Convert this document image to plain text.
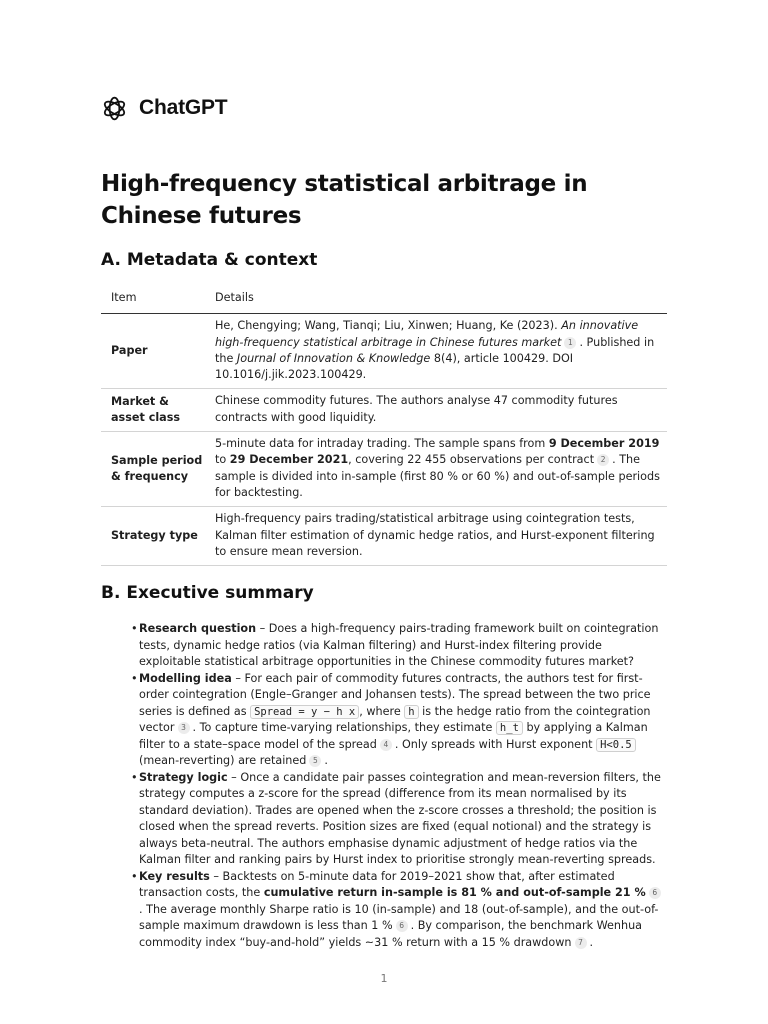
ChatGPT
High-frequency statistical arbitrage in Chinese futures
A. Metadata & context
Item	Details
Paper	He, Chengying; Wang, Tianqi; Liu, Xinwen; Huang, Ke (2023). An innovative high-frequency statistical arbitrage in Chinese futures market 1 . Published in the Journal of Innovation & Knowledge 8(4), article 100429. DOI 10.1016/j.jik.2023.100429.
Market &
asset class	Chinese commodity futures. The authors analyse 47 commodity futures contracts with good liquidity.
Sample period
& frequency	5-minute data for intraday trading. The sample spans from 9 December 2019 to 29 December 2021, covering 22 455 observations per contract 2 . The sample is divided into in-sample (first 80 % or 60 %) and out-of-sample periods for backtesting.
Strategy type	High-frequency pairs trading/statistical arbitrage using cointegration tests, Kalman filter estimation of dynamic hedge ratios, and Hurst-exponent filtering to ensure mean reversion.
B. Executive summary
• Research question – Does a high-frequency pairs-trading framework built on cointegration tests, dynamic hedge ratios (via Kalman filtering) and Hurst-index filtering provide exploitable statistical arbitrage opportunities in the Chinese commodity futures market?
• Modelling idea – For each pair of commodity futures contracts, the authors test for first-order cointegration (Engle–Granger and Johansen tests). The spread between the two price series is defined as Spread = y − h x , where h is the hedge ratio from the cointegration vector 3 . To capture time-varying relationships, they estimate h_t by applying a Kalman filter to a state–space model of the spread 4 . Only spreads with Hurst exponent H<0.5 (mean-reverting) are retained 5 .
• Strategy logic – Once a candidate pair passes cointegration and mean-reversion filters, the strategy computes a z-score for the spread (difference from its mean normalised by its standard deviation). Trades are opened when the z-score crosses a threshold; the position is closed when the spread reverts. Position sizes are fixed (equal notional) and the strategy is always beta-neutral. The authors emphasise dynamic adjustment of hedge ratios via the Kalman filter and ranking pairs by Hurst index to prioritise strongly mean-reverting spreads.
• Key results – Backtests on 5-minute data for 2019–2021 show that, after estimated transaction costs, the cumulative return in-sample is 81 % and out-of-sample 21 % 6. The average monthly Sharpe ratio is 10 (in-sample) and 18 (out-of-sample), and the out-of-sample maximum drawdown is less than 1 % 6 . By comparison, the benchmark Wenhua commodity index “buy-and-hold” yields ~31 % return with a 15 % drawdown 7 .
1
